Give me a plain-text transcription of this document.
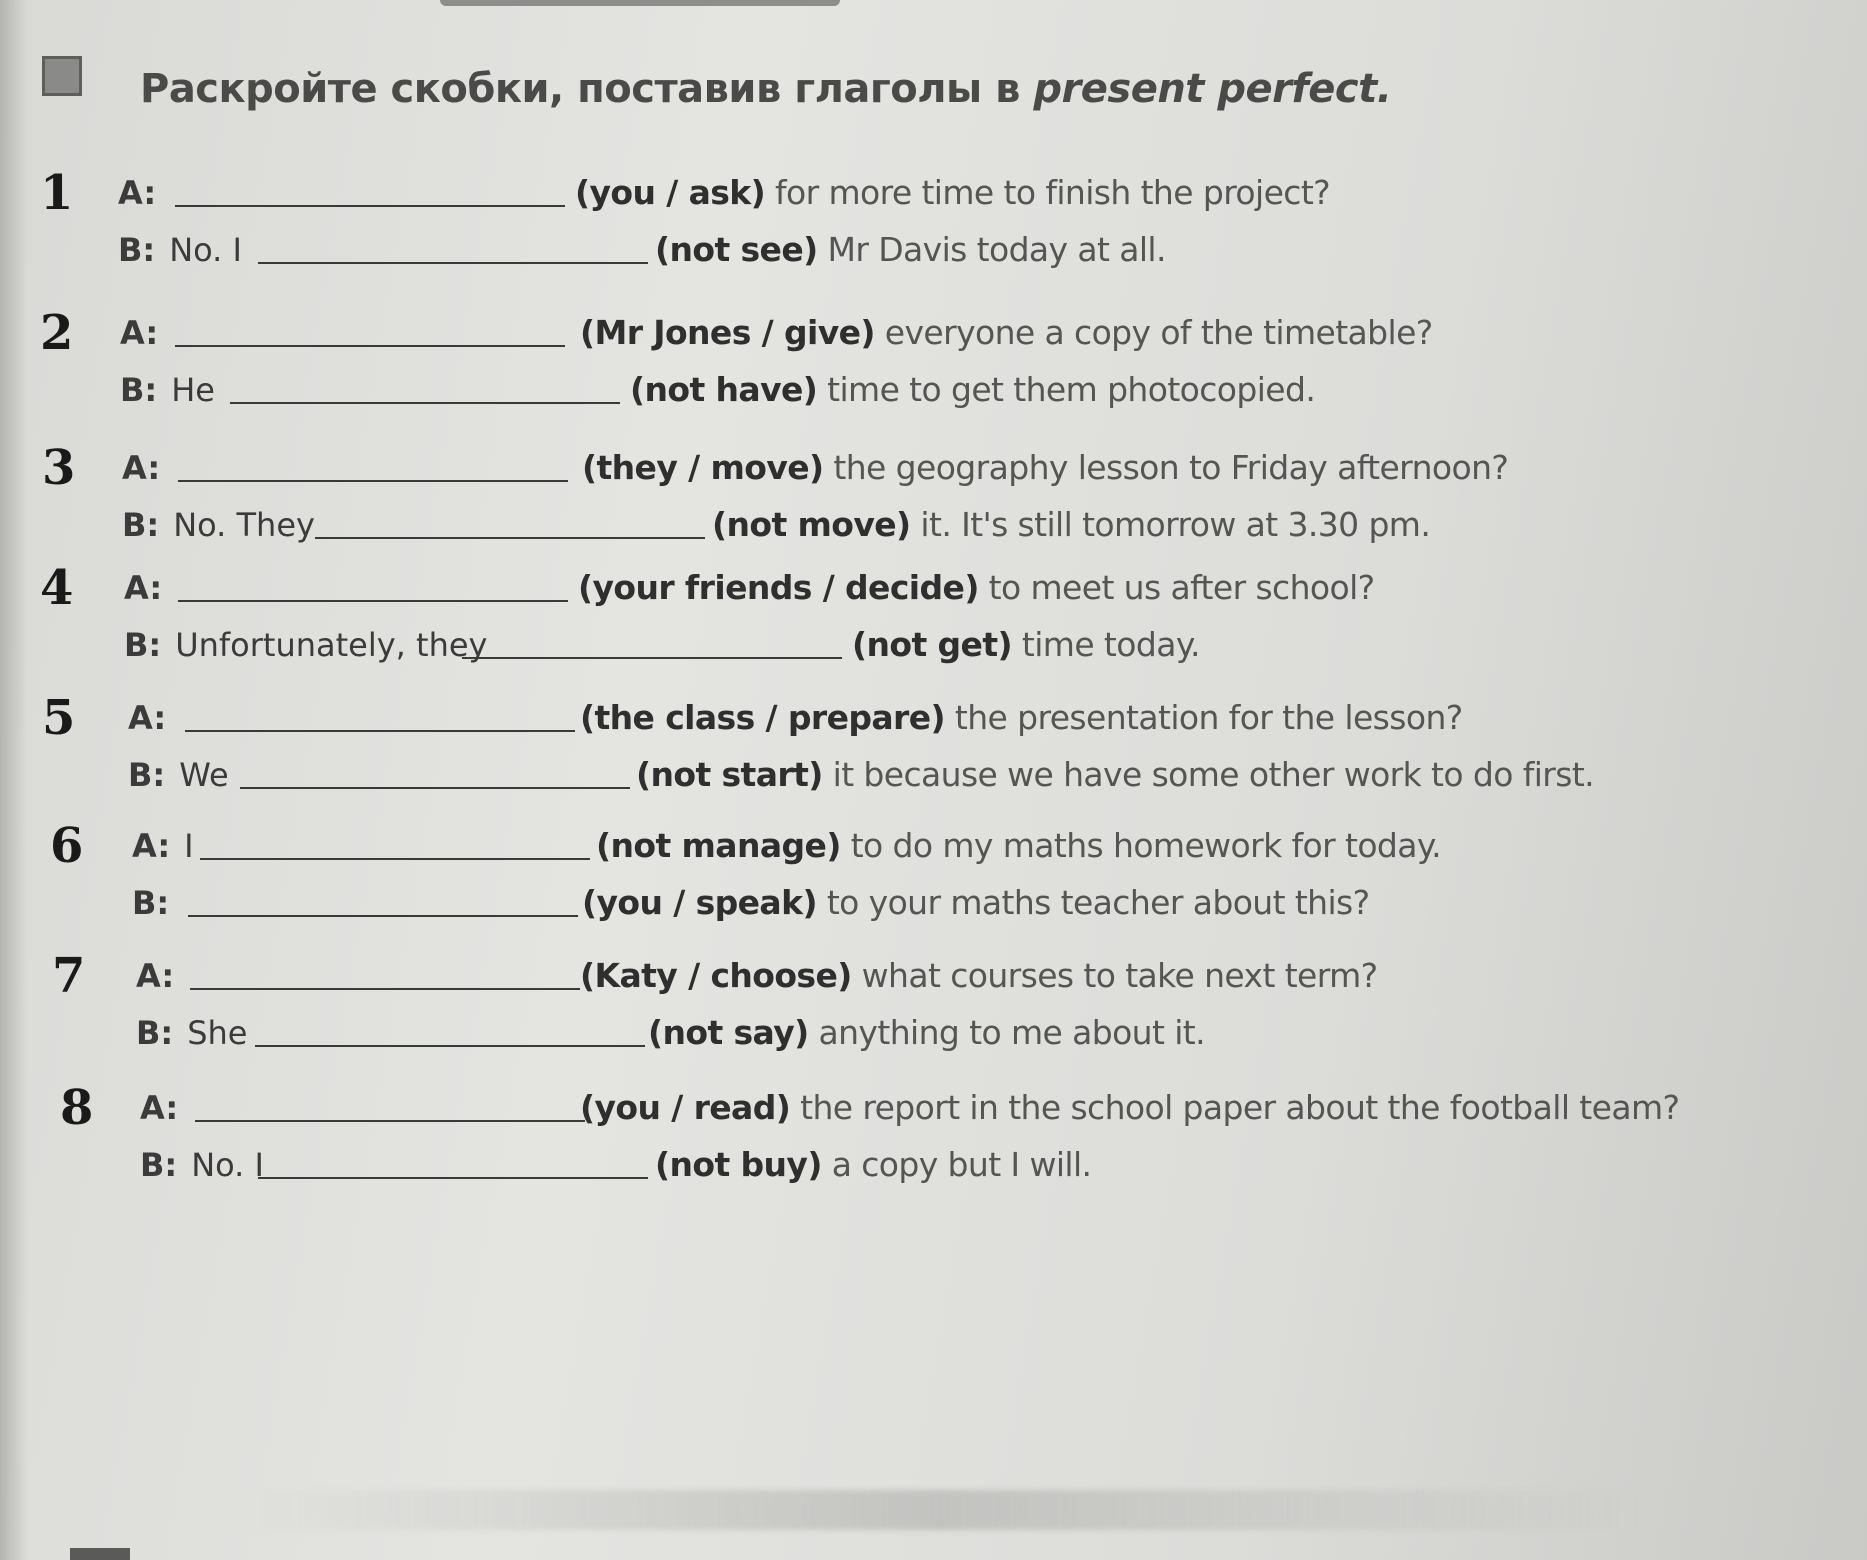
Раскройте скобки, поставив глаголы в present perfect.
1 A:	(you / ask) for more time to finish the project?
B: No. I	(not see) Mr Davis today at all.
2 A:	(Mr Jones / give) everyone a copy of the timetable?
B: He	(not have) time to get them photocopied.
3 A:	(they / move) the geography lesson to Friday afternoon?
B: No. They	(not move) it. It's still tomorrow at 3.30 pm.
4 A:	(your friends / decide) to meet us after school?
B: Unfortunately, they	(not get) time today.
5 A:	(the class / prepare) the presentation for the lesson?
B: We	(not start) it because we have some other work to do first.
6 A: I	(not manage) to do my maths homework for today.
B:	(you / speak) to your maths teacher about this?
7 A:	(Katy / choose) what courses to take next term?
B: She	(not say) anything to me about it.
8 A:	(you / read) the report in the school paper about the football team?
B: No. I	(not buy) a copy but I will.
